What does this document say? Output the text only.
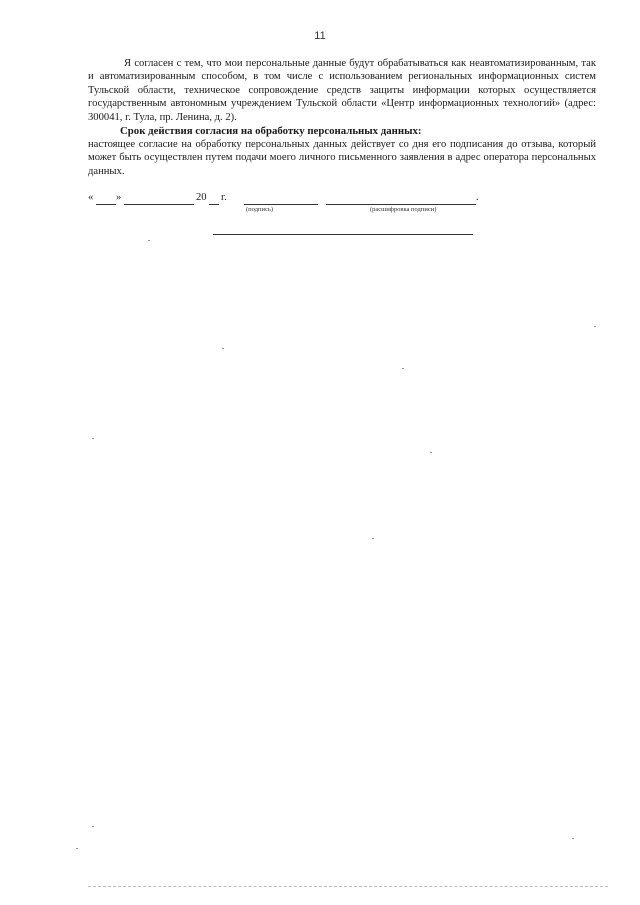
11
Я согласен с тем, что мои персональные данные будут обрабатываться как неавтоматизированным, так и автоматизированным способом, в том числе с использованием региональных информационных систем Тульской области, техническое сопровождение средств защиты информации которых осуществляется государственным автономным учреждением Тульской области «Центр информационных технологий» (адрес: 300041, г. Тула, пр. Ленина, д. 2).
Срок действия согласия на обработку персональных данных:
настоящее согласие на обработку персональных данных действует со дня его подписания до отзыва, который может быть осуществлен путем подачи моего личного письменного заявления в адрес оператора персональных данных.
« »	20 г.	.
(подпись)	(расшифровка подписи)
